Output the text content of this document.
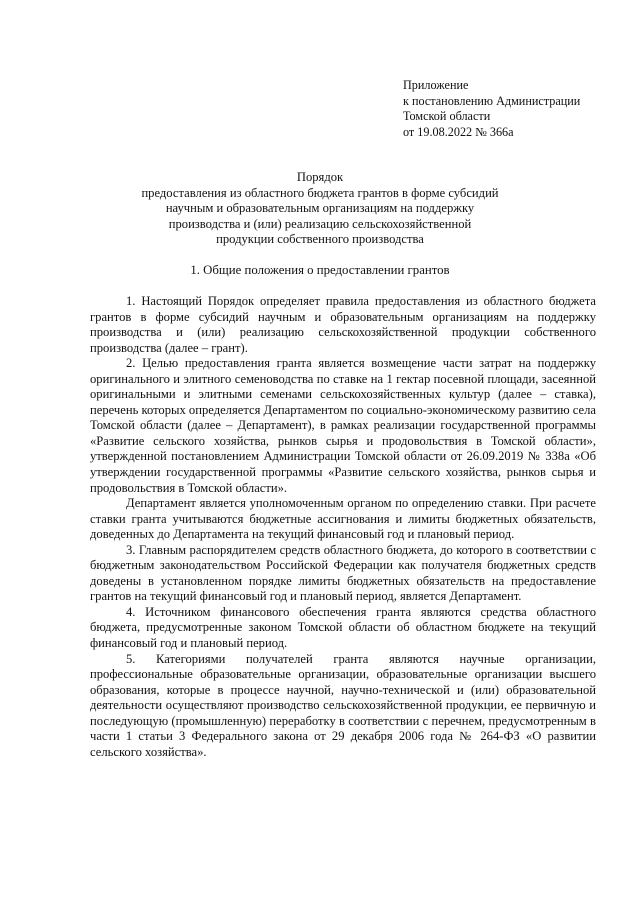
Приложение
к постановлению Администрации
Томской области
от 19.08.2022 № 366а
Порядок
предоставления из областного бюджета грантов в форме субсидий
научным и образовательным организациям на поддержку
производства и (или) реализацию сельскохозяйственной
продукции собственного производства
1. Общие положения о предоставлении грантов

1. Настоящий Порядок определяет правила предоставления из областного бюджета грантов в форме субсидий научным и образовательным организациям на поддержку производства и (или) реализацию сельскохозяйственной продукции собственного производства (далее – грант).

2. Целью предоставления гранта является возмещение части затрат на поддержку оригинального и элитного семеноводства по ставке на 1 гектар посевной площади, засеянной оригинальными и элитными семенами сельскохозяйственных культур (далее – ставка), перечень которых определяется Департаментом по социально-экономическому развитию села Томской области (далее – Департамент), в рамках реализации государственной программы «Развитие сельского хозяйства, рынков сырья и продовольствия в Томской области», утвержденной постановлением Администрации Томской области от 26.09.2019 № 338а «Об утверждении государственной программы «Развитие сельского хозяйства, рынков сырья и продовольствия в Томской области».

Департамент является уполномоченным органом по определению ставки. При расчете ставки гранта учитываются бюджетные ассигнования и лимиты бюджетных обязательств, доведенных до Департамента на текущий финансовый год и плановый период.

3. Главным распорядителем средств областного бюджета, до которого в соответствии с бюджетным законодательством Российской Федерации как получателя бюджетных средств доведены в установленном порядке лимиты бюджетных обязательств на предоставление грантов на текущий финансовый год и плановый период, является Департамент.

4. Источником финансового обеспечения гранта являются средства областного бюджета, предусмотренные законом Томской области об областном бюджете на текущий финансовый год и плановый период.

5. Категориями получателей гранта являются научные организации, профессиональные образовательные организации, образовательные организации высшего образования, которые в процессе научной, научно-технической и (или) образовательной деятельности осуществляют производство сельскохозяйственной продукции, ее первичную и последующую (промышленную) переработку в соответствии с перечнем, предусмотренным в части 1 статьи 3 Федерального закона от 29 декабря 2006 года № 264-ФЗ «О развитии сельского хозяйства».
